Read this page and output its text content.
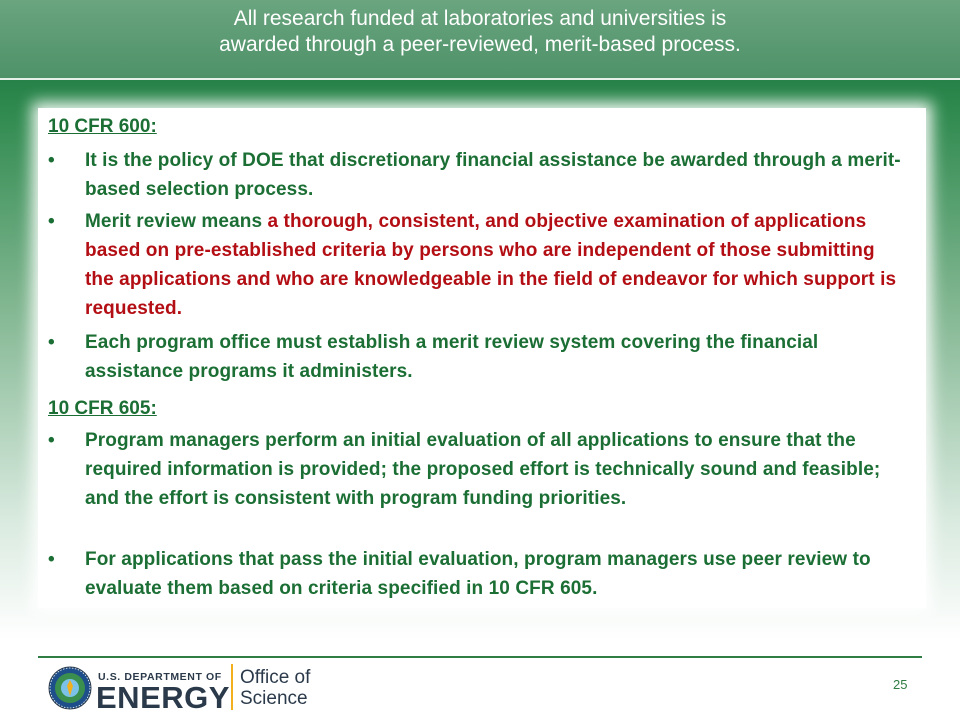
All research funded at laboratories and universities is
awarded through a peer-reviewed, merit-based process.
10 CFR 600:
• It is the policy of DOE that discretionary financial assistance be awarded through a merit-based selection process.
• Merit review means a thorough, consistent, and objective examination of applications based on pre-established criteria by persons who are independent of those submitting the applications and who are knowledgeable in the field of endeavor for which support is requested.
• Each program office must establish a merit review system covering the financial assistance programs it administers.
10 CFR 605:
• Program managers perform an initial evaluation of all applications to ensure that the required information is provided; the proposed effort is technically sound and feasible; and the effort is consistent with program funding priorities.
• For applications that pass the initial evaluation, program managers use peer review to evaluate them based on criteria specified in 10 CFR 605.
U.S. DEPARTMENT OF
ENERGY
Office of
Science
25
